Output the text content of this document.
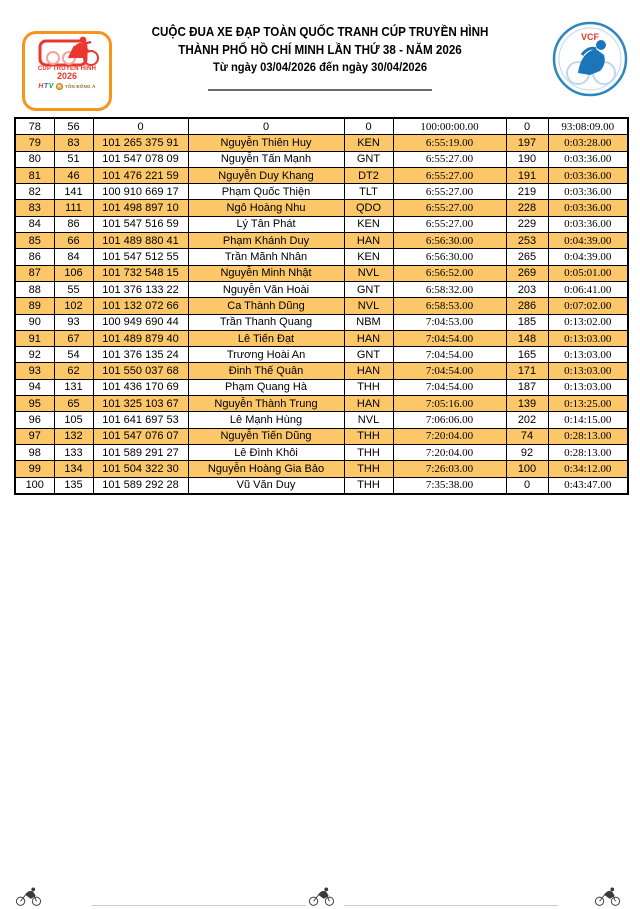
CÚP TRUYỀN HÌNH
2026
HTV TÔN ĐÔNG Á
CUỘC ĐUA XE ĐẠP TOÀN QUỐC TRANH CÚP TRUYỀN HÌNH
THÀNH PHỐ HỒ CHÍ MINH LẦN THỨ 38 - NĂM 2026
Từ ngày 03/04/2026 đến ngày 30/04/2026
VCF
78	56	0	0	0	100:00:00.00	0	93:08:09.00
79	83	101 265 375 91	Nguyễn Thiên Huy	KEN	6:55:19.00	197	0:03:28.00
80	51	101 547 078 09	Nguyễn Tấn Mạnh	GNT	6:55:27.00	190	0:03:36.00
81	46	101 476 221 59	Nguyễn Duy Khang	DT2	6:55:27.00	191	0:03:36.00
82	141	100 910 669 17	Phạm Quốc Thiện	TLT	6:55:27.00	219	0:03:36.00
83	111	101 498 897 10	Ngô Hoàng Nhu	QDO	6:55:27.00	228	0:03:36.00
84	86	101 547 516 59	Lý Tân Phát	KEN	6:55:27.00	229	0:03:36.00
85	66	101 489 880 41	Phạm Khánh Duy	HAN	6:56:30.00	253	0:04:39.00
86	84	101 547 512 55	Trần Mãnh Nhân	KEN	6:56:30.00	265	0:04:39.00
87	106	101 732 548 15	Nguyễn Minh Nhật	NVL	6:56:52.00	269	0:05:01.00
88	55	101 376 133 22	Nguyễn Văn Hoài	GNT	6:58:32.00	203	0:06:41.00
89	102	101 132 072 66	Ca Thành Dũng	NVL	6:58:53.00	286	0:07:02.00
90	93	100 949 690 44	Trần Thanh Quang	NBM	7:04:53.00	185	0:13:02.00
91	67	101 489 879 40	Lê Tiến Đạt	HAN	7:04:54.00	148	0:13:03.00
92	54	101 376 135 24	Trương Hoài An	GNT	7:04:54.00	165	0:13:03.00
93	62	101 550 037 68	Đinh Thế Quân	HAN	7:04:54.00	171	0:13:03.00
94	131	101 436 170 69	Phạm Quang Hà	THH	7:04:54.00	187	0:13:03.00
95	65	101 325 103 67	Nguyễn Thành Trung	HAN	7:05:16.00	139	0:13:25.00
96	105	101 641 697 53	Lê Mạnh Hùng	NVL	7:06:06.00	202	0:14:15.00
97	132	101 547 076 07	Nguyễn Tiến Dũng	THH	7:20:04.00	74	0:28:13.00
98	133	101 589 291 27	Lê Đình Khôi	THH	7:20:04.00	92	0:28:13.00
99	134	101 504 322 30	Nguyễn Hoàng Gia Bảo	THH	7:26:03.00	100	0:34:12.00
100	135	101 589 292 28	Vũ Văn Duy	THH	7:35:38.00	0	0:43:47.00
